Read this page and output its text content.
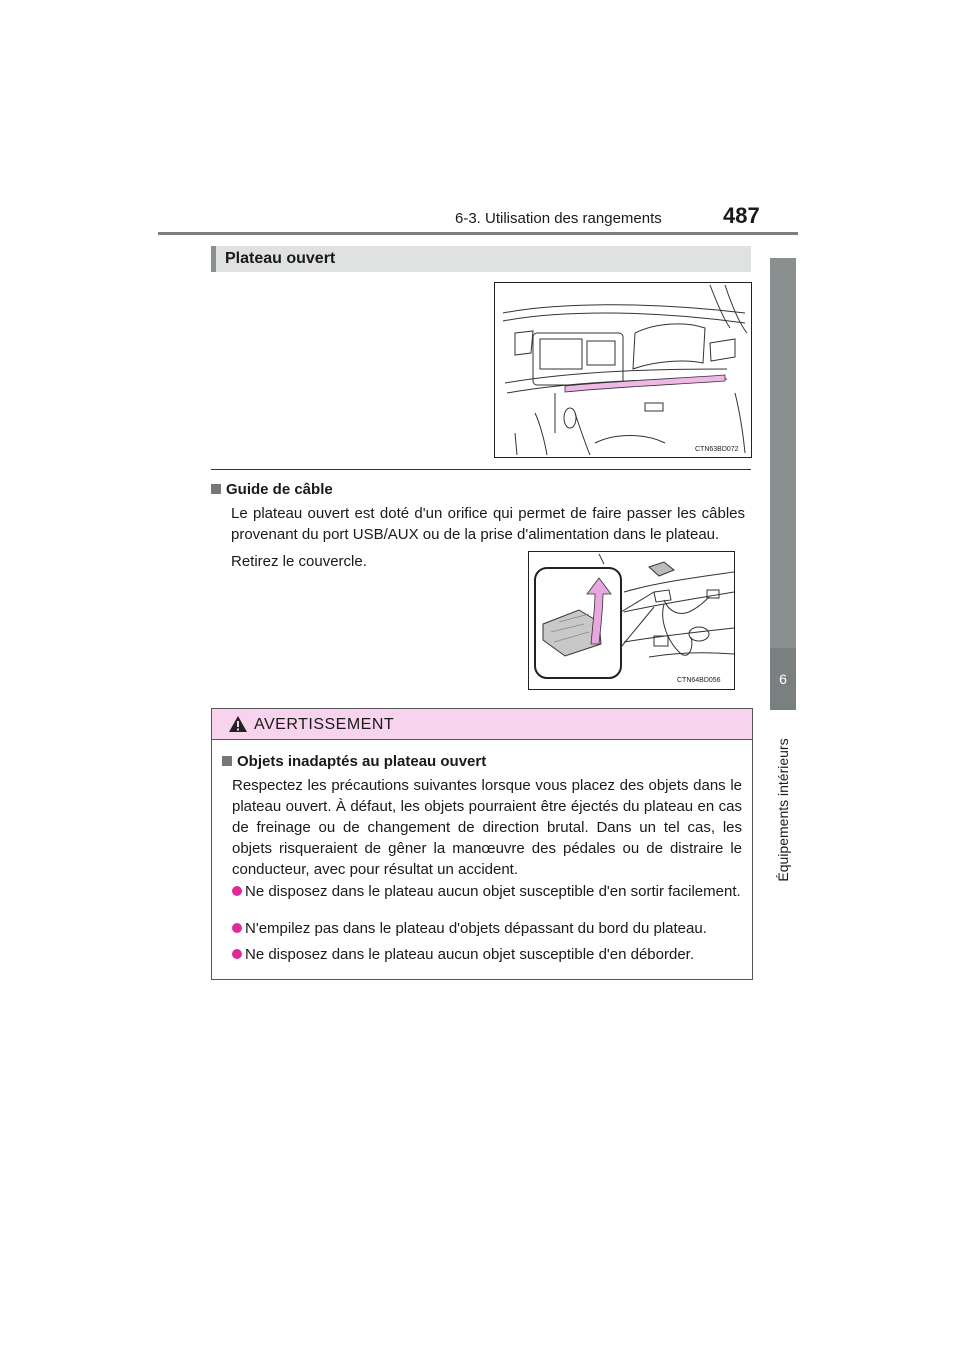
6-3. Utilisation des rangements	487
6
Équipements intérieurs
Plateau ouvert
CTN63BD072
Guide de câble
Le plateau ouvert est doté d'un orifice qui permet de faire passer les câbles provenant du port USB/AUX ou de la prise d'alimentation dans le plateau.
Retirez le couvercle.
CTN64BD056
AVERTISSEMENT
Objets inadaptés au plateau ouvert
Respectez les précautions suivantes lorsque vous placez des objets dans le plateau ouvert. À défaut, les objets pourraient être éjectés du plateau en cas de freinage ou de changement de direction brutal. Dans un tel cas, les objets risqueraient de gêner la manœuvre des pédales ou de distraire le conducteur, avec pour résultat un accident.
Ne disposez dans le plateau aucun objet susceptible d'en sortir facilement.
N'empilez pas dans le plateau d'objets dépassant du bord du plateau.
Ne disposez dans le plateau aucun objet susceptible d'en déborder.
